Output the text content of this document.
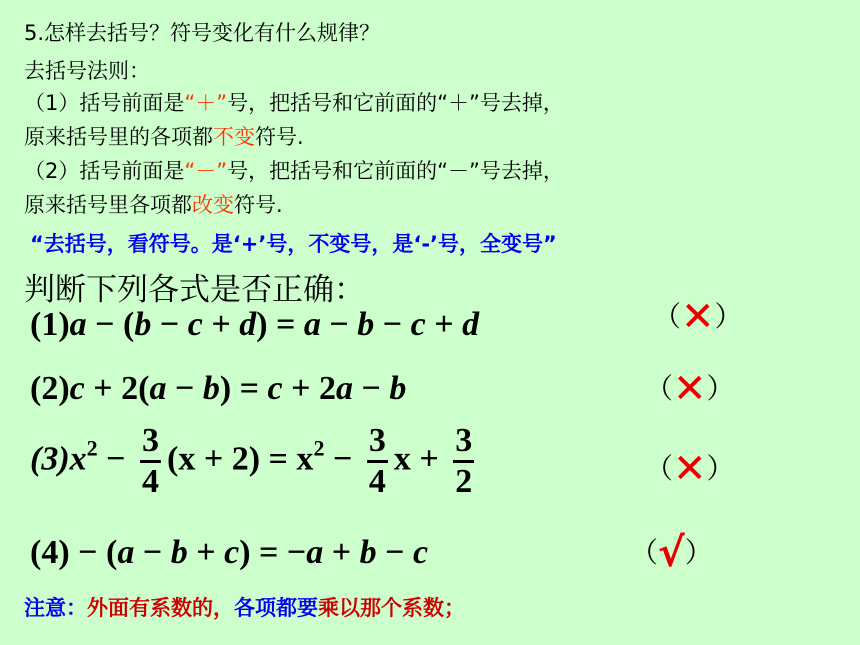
5.怎样去括号？符号变化有什么规律？
去括号法则：
（1）括号前面是“＋”号，把括号和它前面的“＋”号去掉，
原来括号里的各项都不变符号.
（2）括号前面是“－”号，把括号和它前面的“－”号去掉，
原来括号里各项都改变符号.
“去括号，看符号。是‘+’号，不变号，是‘-’号，全变号”
判断下列各式是否正确：
(1)a − (b − c + d) = a − b − c + d	（✕）
(2)c + 2(a − b) = c + 2a − b	（✕）
$(3)x^2 - \frac{3}{4} (x + 2) = x^2 - \frac{3}{4}$ $x + \frac{3}{2}$	（✕）
(4) − (a − b + c) = −a + b − c	（√）
注意：外面有系数的，各项都要乘以那个系数；
